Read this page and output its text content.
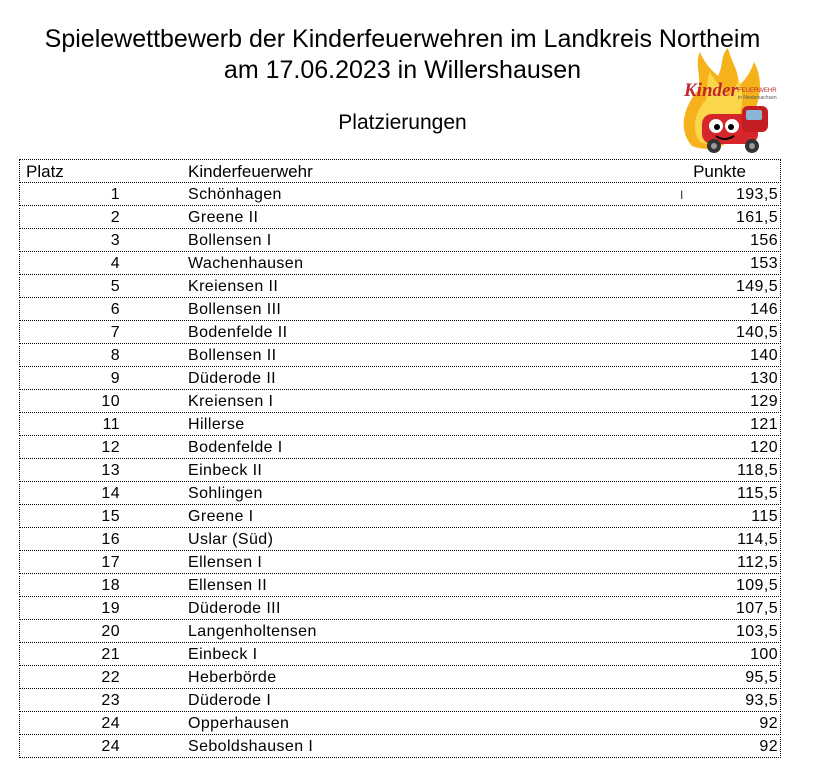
Spielewettbewerb der Kinderfeuerwehren im Landkreis Northeim
am 17.06.2023 in Willershausen
Platzierungen
Kinder FEUERWEHR
in Niedersachsen
Platz	Kinderfeuerwehr	Punkte
1	Schönhagen	193,5
2	Greene II	161,5
3	Bollensen I	156
4	Wachenhausen	153
5	Kreiensen II	149,5
6	Bollensen III	146
7	Bodenfelde II	140,5
8	Bollensen II	140
9	Düderode II	130
10	Kreiensen I	129
11	Hillerse	121
12	Bodenfelde I	120
13	Einbeck II	118,5
14	Sohlingen	115,5
15	Greene I	115
16	Uslar (Süd)	114,5
17	Ellensen I	112,5
18	Ellensen II	109,5
19	Düderode III	107,5
20	Langenholtensen	103,5
21	Einbeck I	100
22	Heberbörde	95,5
23	Düderode I	93,5
24	Opperhausen	92
24	Seboldshausen I	92
I
